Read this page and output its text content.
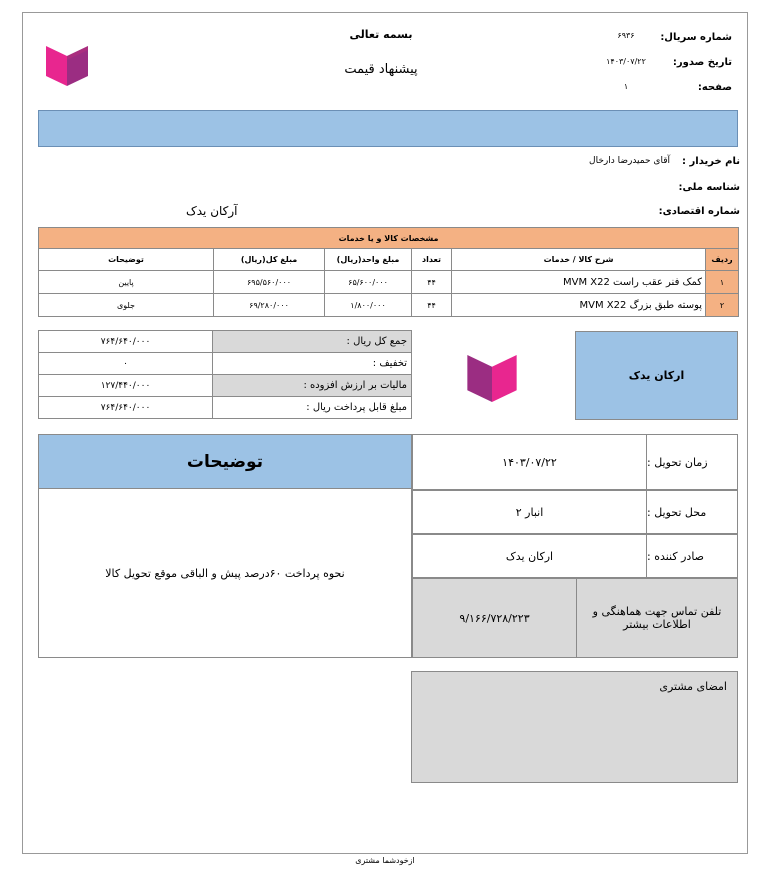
بسمه تعالی
پیشنهاد قیمت
شماره سریال:
۶۹۳۶
تاریخ صدور:
۱۴۰۳/۰۷/۲۲
صفحه:
۱
نام خریدار :
آقای حمیدرضا دارخال
شناسه ملی:
شماره اقتصادی:
آرکان یدک
مشخصات کالا و یا خدمات					
ردیف	شرح کالا / خدمات	تعداد	مبلغ واحد(ریال)	مبلغ کل(ریال)	توضیحات
۱	کمک فنر عقب راست MVM X22	۴۴	۶۵/۶۰۰/۰۰۰	۶۹۵/۵۶۰/۰۰۰	پایین
۲	پوسته طبق بزرگ MVM X22	۴۴	۱/۸۰۰/۰۰۰	۶۹/۲۸۰/۰۰۰	جلوی
جمع کل ریال :	۷۶۴/۶۴۰/۰۰۰
تخفیف :	۰
مالیات بر ارزش افزوده :	۱۲۷/۴۴۰/۰۰۰
مبلغ قابل پرداخت ریال :	۷۶۴/۶۴۰/۰۰۰
ارکان یدک
توضیحات
نحوه پرداخت ۶۰درصد پیش و الباقی موقع تحویل کالا
۱۴۰۳/۰۷/۲۲	زمان تحویل :
انبار ۲	محل تحویل :
ارکان یدک	صادر کننده :
۹/۱۶۶/۷۲۸/۲۲۳	تلفن تماس جهت هماهنگی و اطلاعات بیشتر
امضای مشتری
ازخودشما مشتری
